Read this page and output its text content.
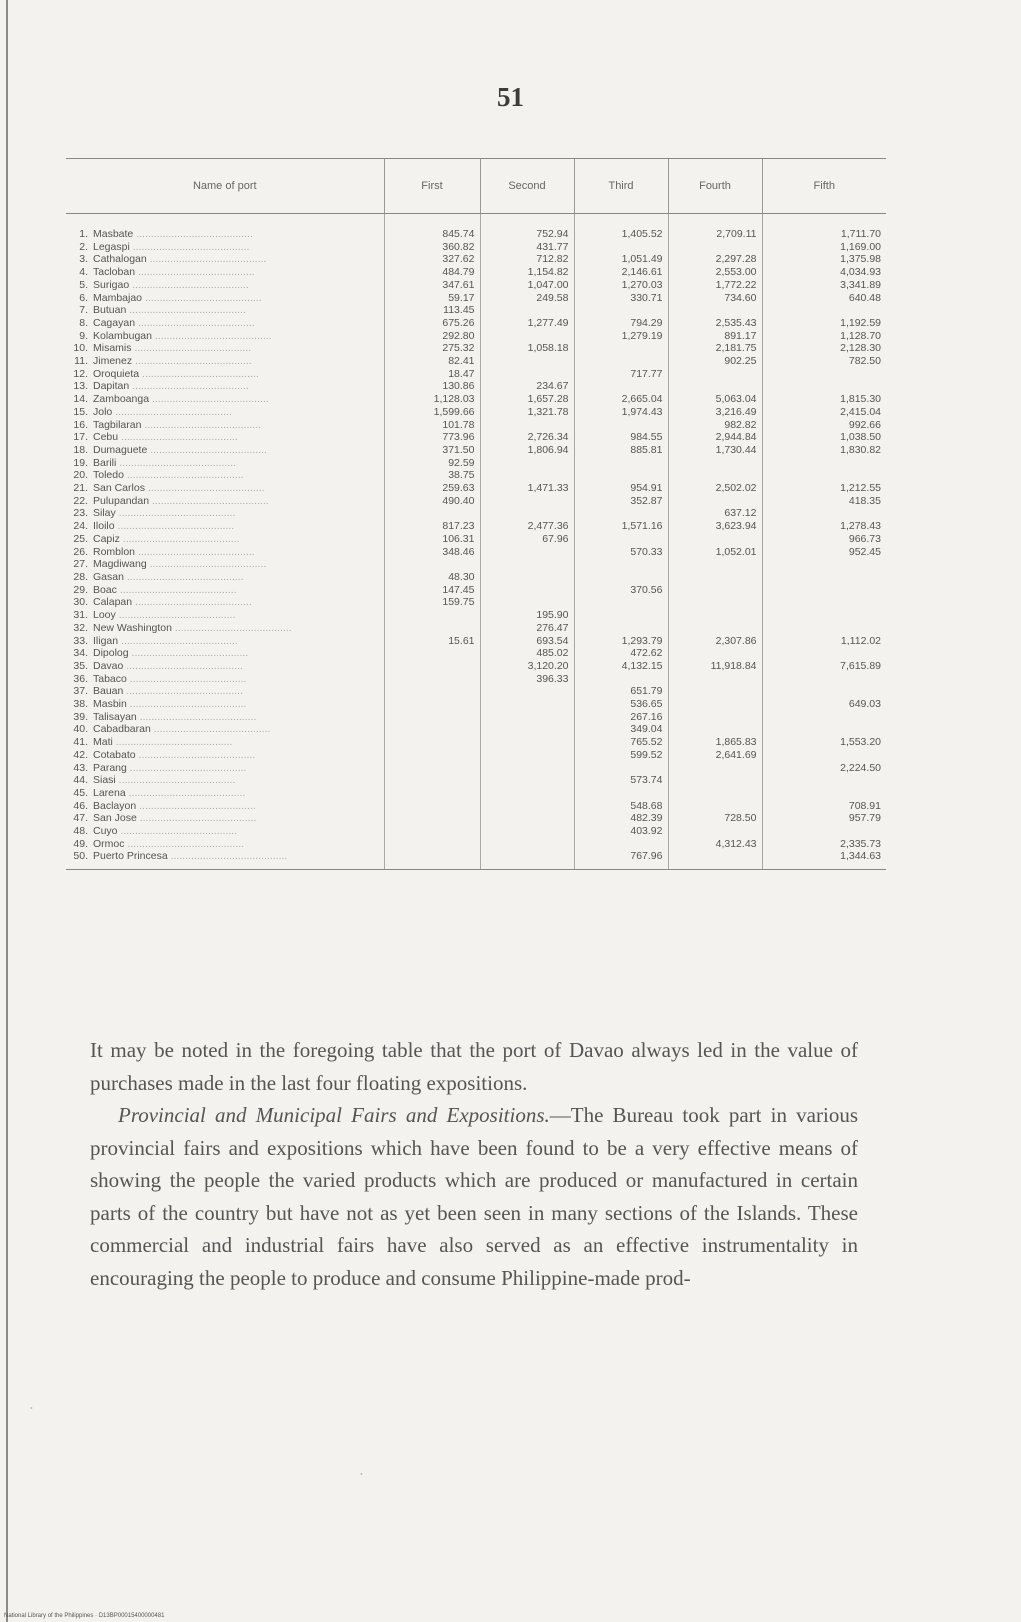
51
Name of port	First	Second	Third	Fourth	Fifth
1. Masbate ........................................	845.74	752.94	1,405.52	2,709.11	1,711.70
2. Legaspi ........................................	360.82	431.77			1,169.00
3. Cathalogan ........................................	327.62	712.82	1,051.49	2,297.28	1,375.98
4. Tacloban ........................................	484.79	1,154.82	2,146.61	2,553.00	4,034.93
5. Surigao ........................................	347.61	1,047.00	1,270.03	1,772.22	3,341.89
6. Mambajao ........................................	59.17	249.58	330.71	734.60	640.48
7. Butuan ........................................	113.45				
8. Cagayan ........................................	675.26	1,277.49	794.29	2,535.43	1,192.59
9. Kolambugan ........................................	292.80		1,279.19	891.17	1,128.70
10. Misamis ........................................	275.32	1,058.18		2,181.75	2,128.30
11. Jimenez ........................................	82.41			902.25	782.50
12. Oroquieta ........................................	18.47		717.77		
13. Dapitan ........................................	130.86	234.67			
14. Zamboanga ........................................	1,128.03	1,657.28	2,665.04	5,063.04	1,815.30
15. Jolo ........................................	1,599.66	1,321.78	1,974.43	3,216.49	2,415.04
16. Tagbilaran ........................................	101.78			982.82	992.66
17. Cebu ........................................	773.96	2,726.34	984.55	2,944.84	1,038.50
18. Dumaguete ........................................	371.50	1,806.94	885.81	1,730.44	1,830.82
19. Barili ........................................	92.59				
20. Toledo ........................................	38.75				
21. San Carlos ........................................	259.63	1,471.33	954.91	2,502.02	1,212.55
22. Pulupandan ........................................	490.40		352.87		418.35
23. Silay ........................................				637.12	
24. Iloilo ........................................	817.23	2,477.36	1,571.16	3,623.94	1,278.43
25. Capiz ........................................	106.31	67.96			966.73
26. Romblon ........................................	348.46		570.33	1,052.01	952.45
27. Magdiwang ........................................					
28. Gasan ........................................	48.30				
29. Boac ........................................	147.45		370.56		
30. Calapan ........................................	159.75				
31. Looy ........................................		195.90			
32. New Washington ........................................		276.47			
33. Iligan ........................................	15.61	693.54	1,293.79	2,307.86	1,112.02
34. Dipolog ........................................		485.02	472.62		
35. Davao ........................................		3,120.20	4,132.15	11,918.84	7,615.89
36. Tabaco ........................................		396.33			
37. Bauan ........................................			651.79		
38. Masbin ........................................			536.65		649.03
39. Talisayan ........................................			267.16		
40. Cabadbaran ........................................			349.04		
41. Mati ........................................			765.52	1,865.83	1,553.20
42. Cotabato ........................................			599.52	2,641.69	
43. Parang ........................................					2,224.50
44. Siasi ........................................			573.74		
45. Larena ........................................					
46. Baclayon ........................................			548.68		708.91
47. San Jose ........................................			482.39	728.50	957.79
48. Cuyo ........................................			403.92		
49. Ormoc ........................................				4,312.43	2,335.73
50. Puerto Princesa ........................................			767.96		1,344.63

It may be noted in the foregoing table that the port of Davao always led in the value of purchases made in the last four floating expositions.

Provincial and Municipal Fairs and Expositions.—The Bureau took part in various provincial fairs and expositions which have been found to be a very effective means of showing the people the varied products which are produced or manufactured in certain parts of the country but have not as yet been seen in many sections of the Islands. These commercial and industrial fairs have also served as an effective instrumentality in encouraging the people to produce and consume Philippine-made prod-

•
•
National Library of the Philippines · D13BP00015400000481
